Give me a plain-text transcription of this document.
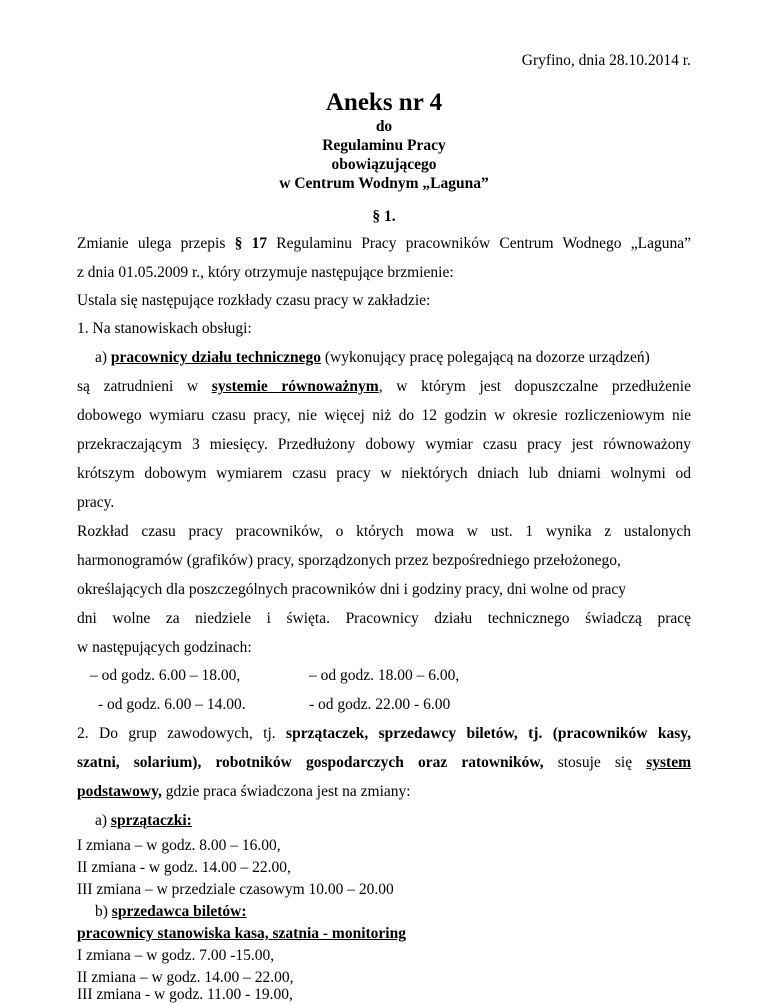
Gryfino, dnia 28.10.2014 r.
Aneks nr 4
do
Regulaminu Pracy
obowiązującego
w Centrum Wodnym „Laguna”
§ 1.
Zmianie ulega przepis § 17 Regulaminu Pracy pracowników Centrum Wodnego „Laguna”
z dnia 01.05.2009 r., który otrzymuje następujące brzmienie:
Ustala się następujące rozkłady czasu pracy w zakładzie:
1. Na stanowiskach obsługi:
a) pracownicy działu technicznego (wykonujący pracę polegającą na dozorze urządzeń)
są zatrudnieni w systemie równoważnym, w którym jest dopuszczalne przedłużenie
dobowego wymiaru czasu pracy, nie więcej niż do 12 godzin w okresie rozliczeniowym nie
przekraczającym 3 miesięcy. Przedłużony dobowy wymiar czasu pracy jest równoważony
krótszym dobowym wymiarem czasu pracy w niektórych dniach lub dniami wolnymi od
pracy.
Rozkład czasu pracy pracowników, o których mowa w ust. 1 wynika z ustalonych
harmonogramów (grafików) pracy, sporządzonych przez bezpośredniego przełożonego,
określających dla poszczególnych pracowników dni i godziny pracy, dni wolne od pracy
dni wolne za niedziele i święta. Pracownicy działu technicznego świadczą pracę
w następujących godzinach:
– od godz. 6.00 – 18.00,	– od godz. 18.00 – 6.00,
- od godz. 6.00 – 14.00.	- od godz. 22.00 - 6.00
2. Do grup zawodowych, tj. sprzątaczek, sprzedawcy biletów, tj. (pracowników kasy,
szatni, solarium), robotników gospodarczych oraz ratowników, stosuje się system
podstawowy, gdzie praca świadczona jest na zmiany:
a) sprzątaczki:
I zmiana – w godz. 8.00 – 16.00,
II zmiana - w godz. 14.00 – 22.00,
III zmiana – w przedziale czasowym 10.00 – 20.00
b) sprzedawca biletów:
pracownicy stanowiska kasa, szatnia - monitoring
I zmiana – w godz. 7.00 -15.00,
II zmiana – w godz. 14.00 – 22.00,
III zmiana - w godz. 11.00 - 19.00,
